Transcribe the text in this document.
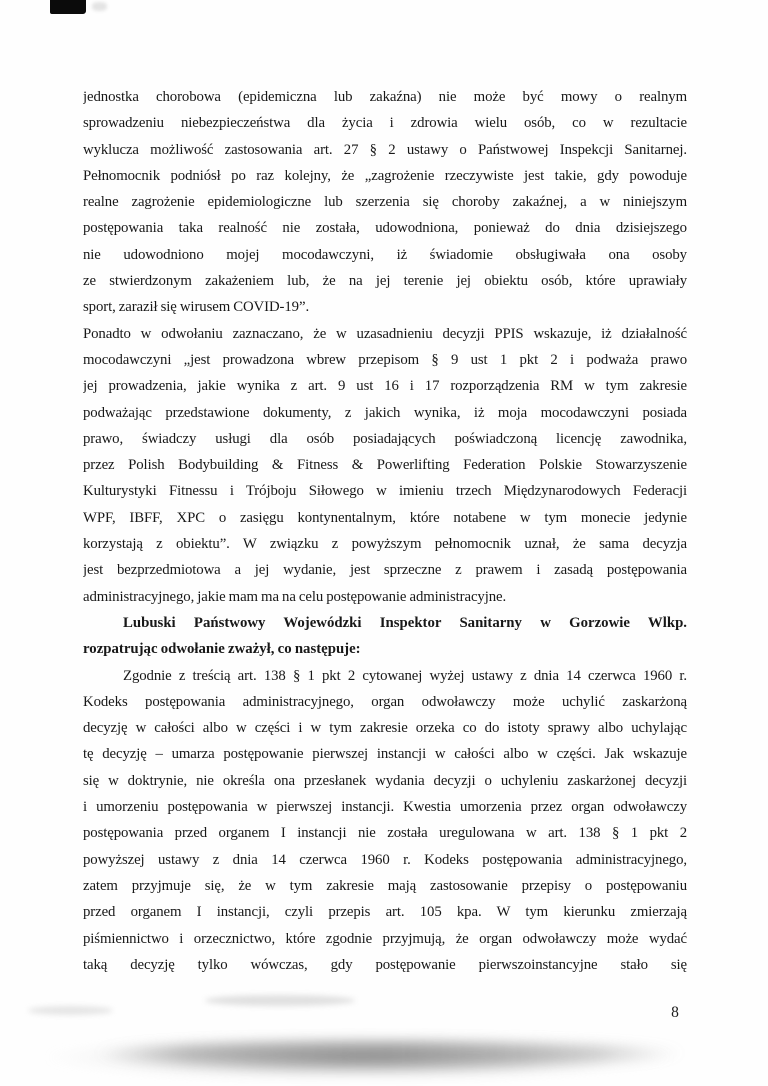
jednostka chorobowa (epidemiczna lub zakaźna) nie może być mowy o realnym
sprowadzeniu niebezpieczeństwa dla życia i zdrowia wielu osób, co w rezultacie
wyklucza możliwość zastosowania art. 27 § 2 ustawy o Państwowej Inspekcji Sanitarnej.
Pełnomocnik podniósł po raz kolejny, że „zagrożenie rzeczywiste jest takie, gdy powoduje
realne zagrożenie epidemiologiczne lub szerzenia się choroby zakaźnej, a w niniejszym
postępowania taka realność nie została, udowodniona, ponieważ do dnia dzisiejszego
nie udowodniono mojej mocodawczyni, iż świadomie obsługiwała ona osoby
ze stwierdzonym zakażeniem lub, że na jej terenie jej obiektu osób, które uprawiały
sport, zaraził się wirusem COVID-19”.
Ponadto w odwołaniu zaznaczano, że w uzasadnieniu decyzji PPIS wskazuje, iż działalność
mocodawczyni „jest prowadzona wbrew przepisom § 9 ust 1 pkt 2 i podważa prawo
jej prowadzenia, jakie wynika z art. 9 ust 16 i 17 rozporządzenia RM w tym zakresie
podważając przedstawione dokumenty, z jakich wynika, iż moja mocodawczyni posiada
prawo, świadczy usługi dla osób posiadających poświadczoną licencję zawodnika,
przez Polish Bodybuilding & Fitness & Powerlifting Federation Polskie Stowarzyszenie
Kulturystyki Fitnessu i Trójboju Siłowego w imieniu trzech Międzynarodowych Federacji
WPF, IBFF, XPC o zasięgu kontynentalnym, które notabene w tym monecie jedynie
korzystają z obiektu”. W związku z powyższym pełnomocnik uznał, że sama decyzja
jest bezprzedmiotowa a jej wydanie, jest sprzeczne z prawem i zasadą postępowania
administracyjnego, jakie mam ma na celu postępowanie administracyjne.
Lubuski Państwowy Wojewódzki Inspektor Sanitarny w Gorzowie Wlkp.
rozpatrując odwołanie zważył, co następuje:
Zgodnie z treścią art. 138 § 1 pkt 2 cytowanej wyżej ustawy z dnia 14 czerwca 1960 r.
Kodeks postępowania administracyjnego, organ odwoławczy może uchylić zaskarżoną
decyzję w całości albo w części i w tym zakresie orzeka co do istoty sprawy albo uchylając
tę decyzję – umarza postępowanie pierwszej instancji w całości albo w części. Jak wskazuje
się w doktrynie, nie określa ona przesłanek wydania decyzji o uchyleniu zaskarżonej decyzji
i umorzeniu postępowania w pierwszej instancji. Kwestia umorzenia przez organ odwoławczy
postępowania przed organem I instancji nie została uregulowana w art. 138 § 1 pkt 2
powyższej ustawy z dnia 14 czerwca 1960 r. Kodeks postępowania administracyjnego,
zatem przyjmuje się, że w tym zakresie mają zastosowanie przepisy o postępowaniu
przed organem I instancji, czyli przepis art. 105 kpa. W tym kierunku zmierzają
piśmiennictwo i orzecznictwo, które zgodnie przyjmują, że organ odwoławczy może wydać
taką decyzję tylko wówczas, gdy postępowanie pierwszoinstancyjne stało się
8
